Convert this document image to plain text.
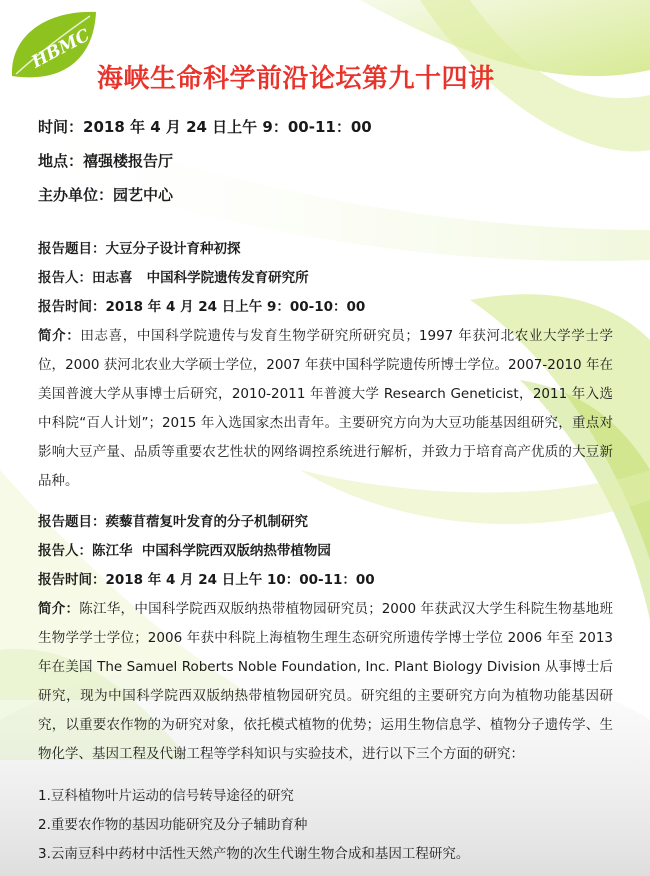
HBMC
海峡生命科学前沿论坛第九十四讲
时间：2018 年 4 月 24 日上午 9：00-11：00
地点：禧强楼报告厅
主办单位：园艺中心
报告题目：大豆分子设计育种初探
报告人：田志喜   中国科学院遗传发育研究所
报告时间：2018 年 4 月 24 日上午 9：00-10：00

简介：田志喜，中国科学院遗传与发育生物学研究所研究员；1997 年获河北农业大学学士学位，2000 获河北农业大学硕士学位，2007 年获中国科学院遗传所博士学位。2007-2010 年在美国普渡大学从事博士后研究，2010-2011 年普渡大学 Research Geneticist，2011 年入选中科院“百人计划”；2015 年入选国家杰出青年。主要研究方向为大豆功能基因组研究，重点对影响大豆产量、品质等重要农艺性状的网络调控系统进行解析，并致力于培育高产优质的大豆新品种。

报告题目：蒺藜苜蓿复叶发育的分子机制研究
报告人：陈江华  中国科学院西双版纳热带植物园
报告时间：2018 年 4 月 24 日上午 10：00-11：00

简介：陈江华，中国科学院西双版纳热带植物园研究员；2000 年获武汉大学生科院生物基地班生物学学士学位；2006 年获中科院上海植物生理生态研究所遗传学博士学位 2006 年至 2013 年在美国 The Samuel Roberts Noble Foundation, Inc. Plant Biology Division 从事博士后研究，现为中国科学院西双版纳热带植物园研究员。研究组的主要研究方向为植物功能基因研究，以重要农作物的为研究对象，依托模式植物的优势；运用生物信息学、植物分子遗传学、生物化学、基因工程及代谢工程等学科知识与实验技术，进行以下三个方面的研究：

1.豆科植物叶片运动的信号转导途径的研究
2.重要农作物的基因功能研究及分子辅助育种
3.云南豆科中药材中活性天然产物的次生代谢生物合成和基因工程研究。
